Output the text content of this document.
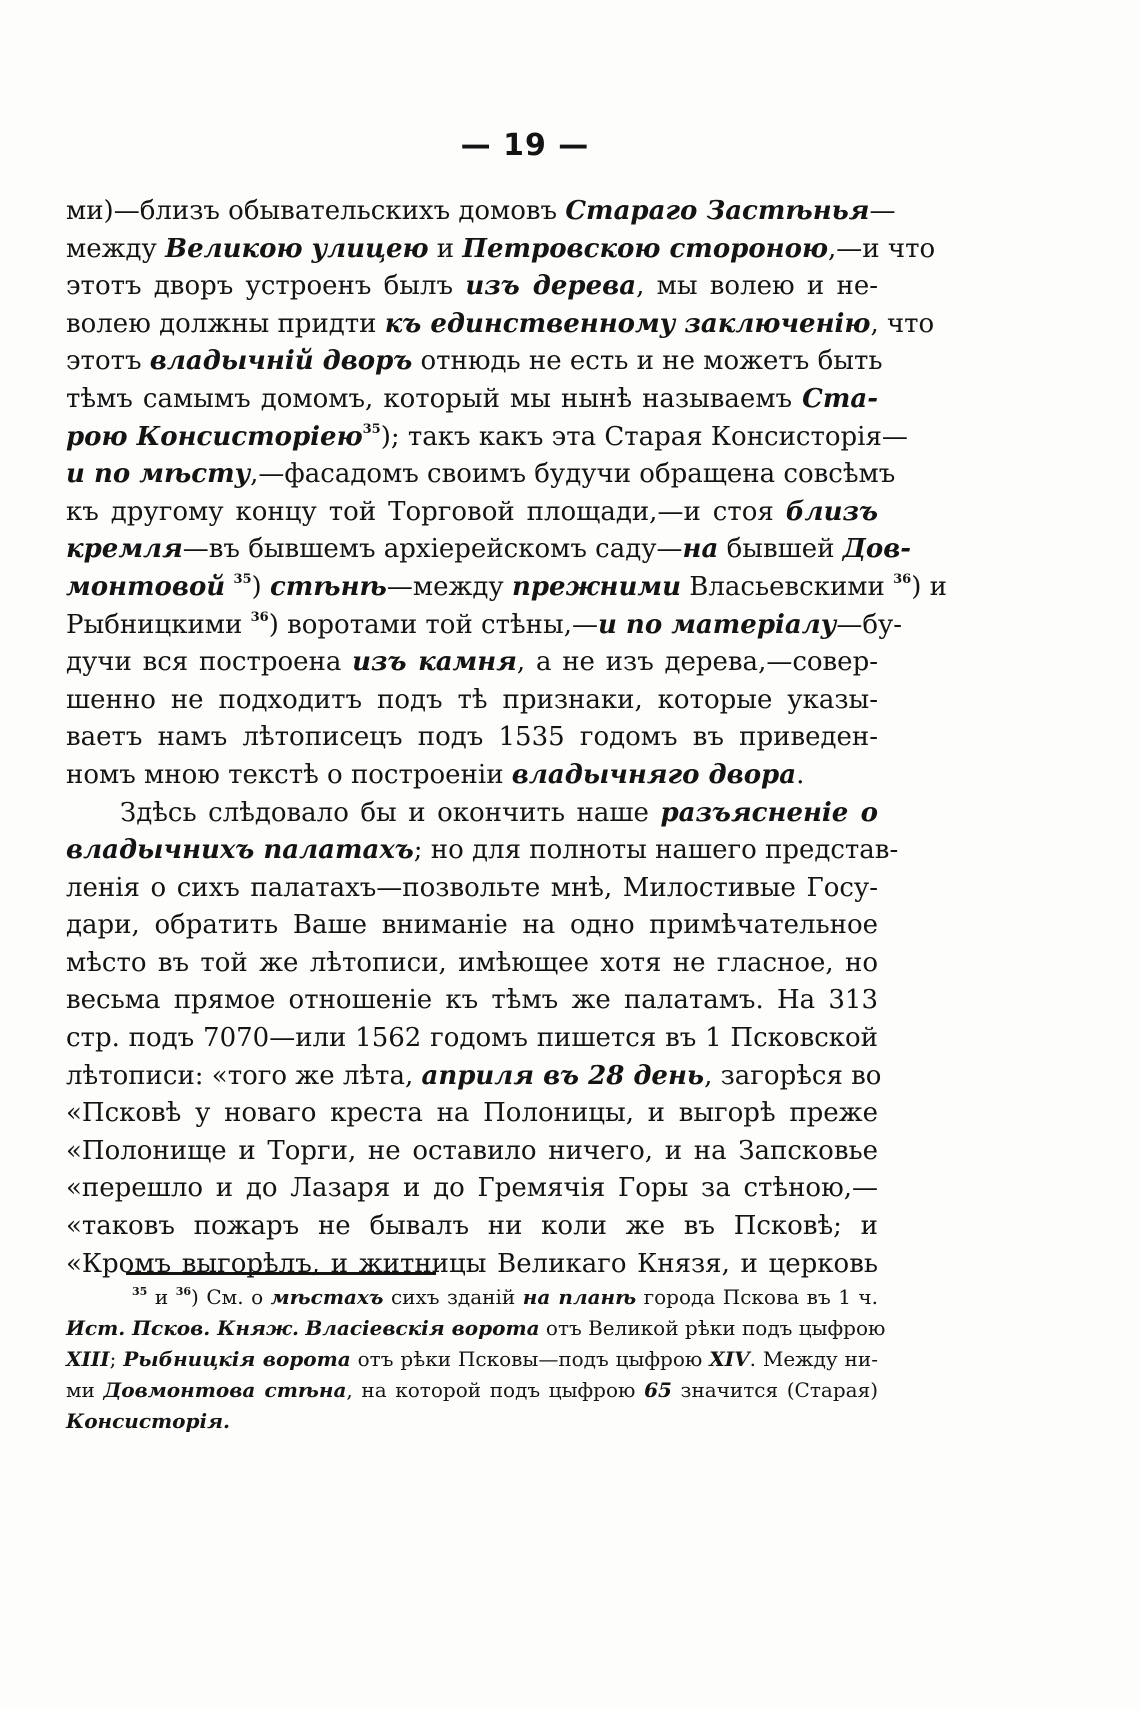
— 19 —
ми)—близъ обывательскихъ домовъ Стараго Застѣнья—
между Великою улицею и Петровскою стороною,—и что
этотъ дворъ устроенъ былъ изъ дерева, мы волею и не-
волею должны придти къ единственному заключенію, что
этотъ владычній дворъ отнюдь не есть и не можетъ быть
тѣмъ самымъ домомъ, который мы нынѣ называемъ Ста-
рою Консисторіею$^{35}$); такъ какъ эта Старая Консисторія—
и по мѣсту,—фасадомъ своимъ будучи обращена совсѣмъ
къ другому концу той Торговой площади,—и стоя близъ
кремля—въ бывшемъ архіерейскомъ саду—на бывшей Дов-
монтовой $^{35}$) стѣнѣ—между прежними Власьевскими $^{36}$) и
Рыбницкими $^{36}$) воротами той стѣны,—и по матеріалу—бу-
дучи вся построена изъ камня, а не изъ дерева,—совер-
шенно не подходитъ подъ тѣ признаки, которые указы-
ваетъ намъ лѣтописецъ подъ 1535 годомъ въ приведен-
номъ мною текстѣ о построеніи владычняго двора.
Здѣсь слѣдовало бы и окончить наше разъясненіе о
владычнихъ палатахъ; но для полноты нашего представ-
ленія о сихъ палатахъ—позвольте мнѣ, Милостивые Госу-
дари, обратить Ваше вниманіе на одно примѣчательное
мѣсто въ той же лѣтописи, имѣющее хотя не гласное, но
весьма прямое отношеніе къ тѣмъ же палатамъ. На 313
стр. подъ 7070—или 1562 годомъ пишется въ 1 Псковской
лѣтописи: «того же лѣта, априля въ 28 день, загорѣся во
«Псковѣ у новаго креста на Полоницы, и выгорѣ преже
«Полонище и Торги, не оставило ничего, и на Запсковье
«перешло и до Лазаря и до Гремячія Горы за стѣною,—
«таковъ пожаръ не бывалъ ни коли же въ Псковѣ; и
«Кромъ выгорѣлъ, и житницы Великаго Князя, и церковь
$^{35}$ и $^{36}$) См. о мѣстахъ сихъ зданій на планѣ города Пскова въ 1 ч.
Ист. Псков. Княж. Власіевскія ворота отъ Великой рѣки подъ цыфрою
XIII; Рыбницкія ворота отъ рѣки Псковы—подъ цыфрою XIV. Между ни-
ми Довмонтова стѣна, на которой подъ цыфрою 65 значится (Старая)
Консисторія.
